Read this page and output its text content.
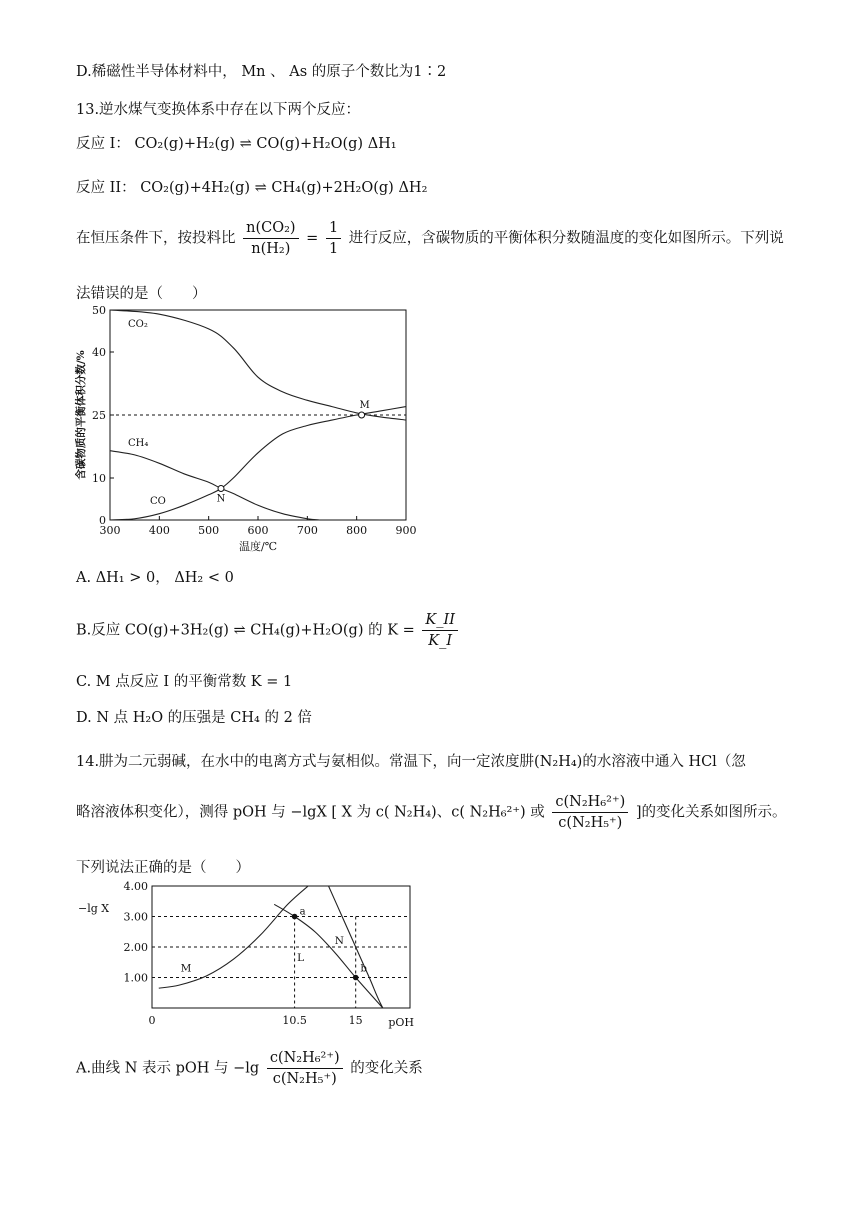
D.稀磁性半导体材料中， Mn 、 As 的原子个数比为1∶2
13.逆水煤气变换体系中存在以下两个反应：
反应 I： CO₂(g)+H₂(g) ⇌ CO(g)+H₂O(g) ΔH₁
反应 II： CO₂(g)+4H₂(g) ⇌ CH₄(g)+2H₂O(g) ΔH₂
在恒压条件下，按投料比 $\frac{\text{n(CO₂)}}{\text{n(H₂)}} = \frac{1}{1}$ 进行反应，含碳物质的平衡体积分数随温度的变化如图所示。下列说
法错误的是（　　）
300	400	500	600	700	800	900
0
10
25
40
50
温度/℃
含碳物质的平衡体积分数/%
CO₂
CH₄
CO
M
N
A. ΔH₁ > 0， ΔH₂ < 0
B.反应 CO(g)+3H₂(g) ⇌ CH₄(g)+H₂O(g) 的 $K = \frac{K\_II}{K\_I}$
C. M 点反应 I 的平衡常数 K = 1
D. N 点 H₂O 的压强是 CH₄ 的 2 倍
14.肼为二元弱碱，在水中的电离方式与氨相似。常温下，向一定浓度肼(N₂H₄)的水溶液中通入 HCl（忽
略溶液体积变化），测得 pOH 与 −lgX [ X 为 c( N₂H₄)、c( N₂H₆²⁺) 或 $\frac{\text{c(N₂H₆²⁺)}}{\text{c(N₂H₅⁺)}}$ ]的变化关系如图所示。
下列说法正确的是（　　）
1.00
2.00
3.00
4.00
0	10.5	15 pOH
−lg X
M
N
a
b
L
A.曲线 N 表示 pOH 与 $-\lg \frac{\text{c(N₂H₆²⁺)}}{\text{c(N₂H₅⁺)}}$ 的变化关系
